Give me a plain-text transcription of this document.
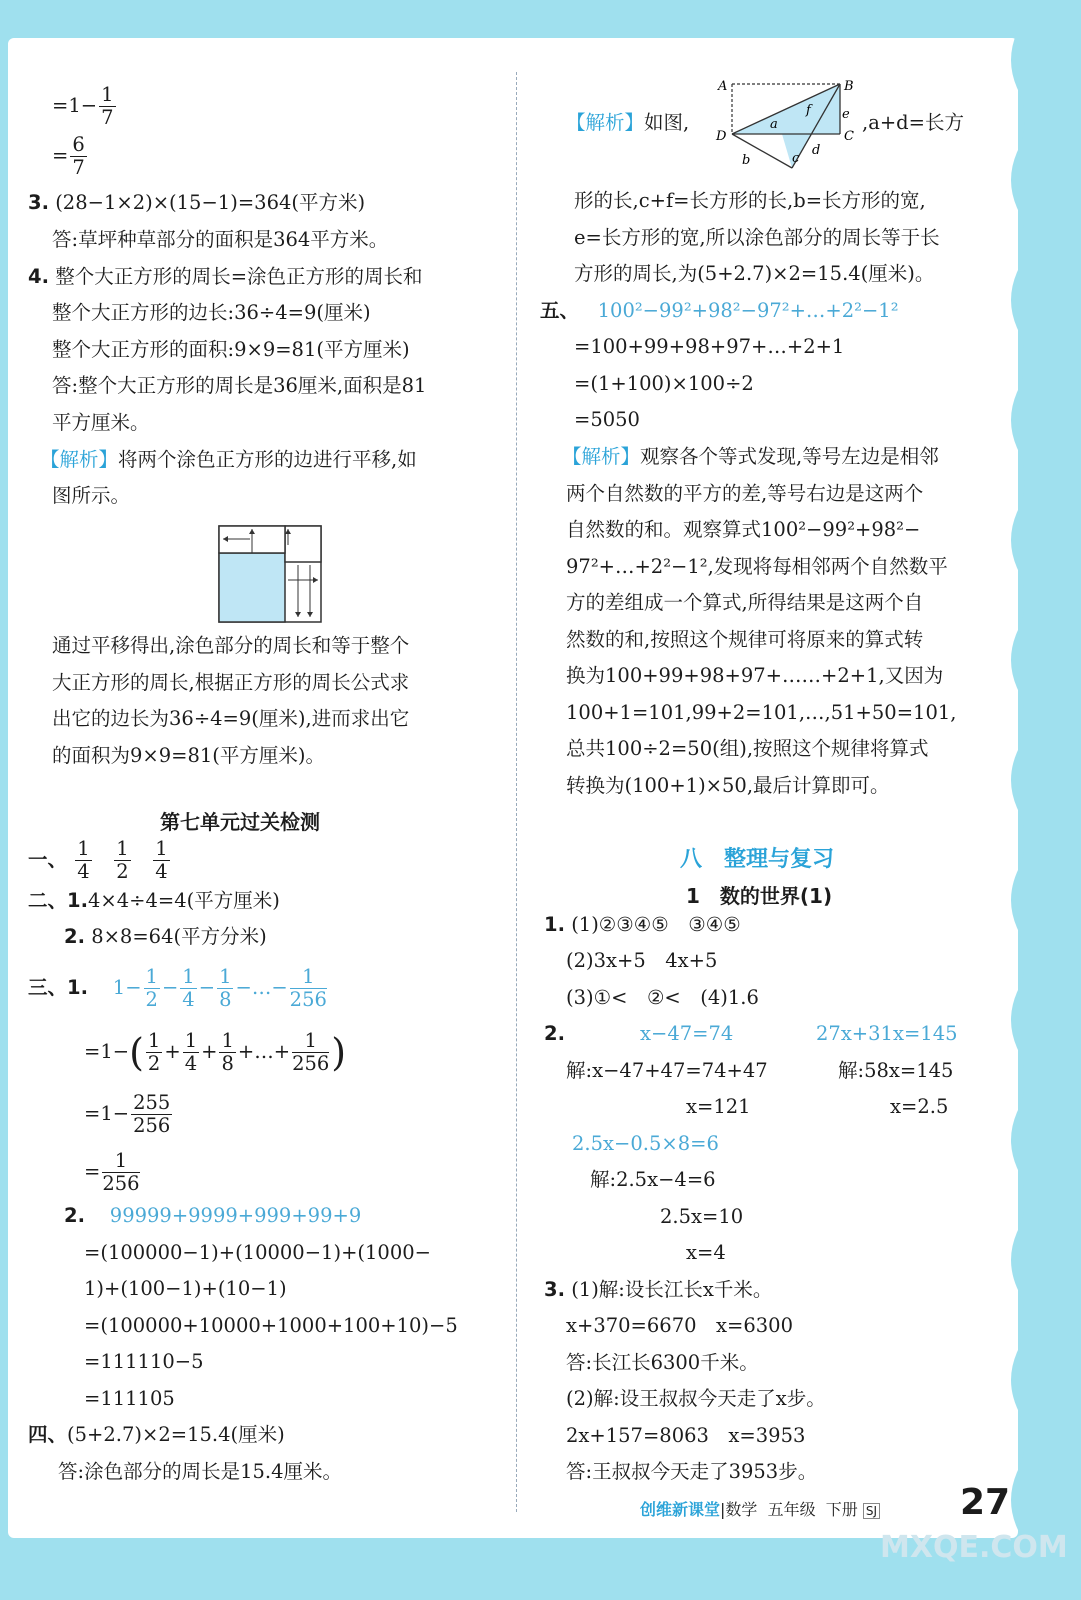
$=1- \frac{1}{7}$
= $\frac{6}{7}$
3. (28−1×2)×(15−1)=364(平方米)
答:草坪种草部分的面积是364平方米。
4. 整个大正方形的周长=涂色正方形的周长和
整个大正方形的边长:36÷4=9(厘米)
整个大正方形的面积:9×9=81(平方厘米)
答:整个大正方形的周长是36厘米,面积是81
平方厘米。
【解析】将两个涂色正方形的边进行平移,如
图所示。
通过平移得出,涂色部分的周长和等于整个
大正方形的周长,根据正方形的周长公式求
出它的边长为36÷4=9(厘米),进而求出它
的面积为9×9=81(平方厘米)。
第七单元过关检测
一、 $\frac{1}{4}$
$\frac{1}{2}$
$\frac{1}{4}$
二、1.4×4÷4=4(平方厘米)
2. 8×8=64(平方分米)
三、1. $1- \frac{1}{2} - \frac{1}{4} - \frac{1}{8}$ −…− $\frac{1}{256}$
$=1-( \frac{1}{2} + \frac{1}{4} + \frac{1}{8}$ +…+ $\frac{1}{256}$ )
$=1- \frac{255}{256}$
= $\frac{1}{256}$
2. 99999+9999+999+99+9
=(100000−1)+(10000−1)+(1000−
1)+(100−1)+(10−1)
=(100000+10000+1000+100+10)−5
=111110−5
=111105
四、(5+2.7)×2=15.4(厘米)
答:涂色部分的周长是15.4厘米。
A	B
C
D
a
b	c
d
e
f
【解析】如图,	,a+d=长方
形的长,c+f=长方形的长,b=长方形的宽,
e=长方形的宽,所以涂色部分的周长等于长
方形的周长,为(5+2.7)×2=15.4(厘米)。
五、 100²−99²+98²−97²+…+2²−1²
=100+99+98+97+…+2+1
=(1+100)×100÷2
=5050
【解析】观察各个等式发现,等号左边是相邻
两个自然数的平方的差,等号右边是这两个
自然数的和。观察算式100²−99²+98²−
97²+…+2²−1²,发现将每相邻两个自然数平
方的差组成一个算式,所得结果是这两个自
然数的和,按照这个规律可将原来的算式转
换为100+99+98+97+……+2+1,又因为
100+1=101,99+2=101,…,51+50=101,
总共100÷2=50(组),按照这个规律将算式
转换为(100+1)×50,最后计算即可。
八　整理与复习
1　数的世界(1)
1. (1)②③④⑤　③④⑤
(2)3x+5　4x+5
(3)①<　②<　(4)1.6
2.	x−47=74	27x+31x=145
解:x−47+47=74+47	解:58x=145
x=121	x=2.5
2.5x−0.5×8=6
解:2.5x−4=6
2.5x=10
x=4
3. (1)解:设长江长x千米。
x+370=6670　x=6300
答:长江长6300千米。
(2)解:设王叔叔今天走了x步。
2x+157=8063　x=3953
答:王叔叔今天走了3953步。
创维新课堂|数学 五年级 下册 SJ 27
MXQE.COM
